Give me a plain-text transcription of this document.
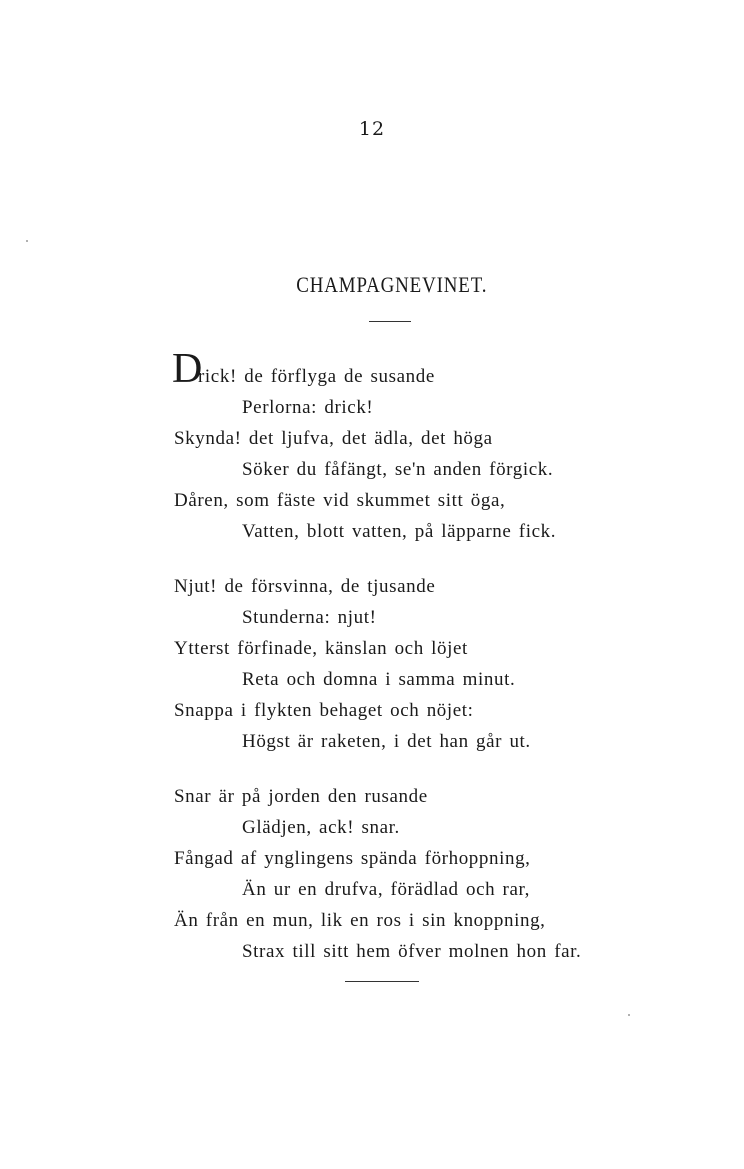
12
CHAMPAGNEVINET.
D
rick! de förflyga de susande
Perlorna: drick!
Skynda! det ljufva, det ädla, det höga
Söker du fåfängt, se'n anden förgick.
Dåren, som fäste vid skummet sitt öga,
Vatten, blott vatten, på läpparne fick.
Njut! de försvinna, de tjusande
Stunderna: njut!
Ytterst förfinade, känslan och löjet
Reta och domna i samma minut.
Snappa i flykten behaget och nöjet:
Högst är raketen, i det han går ut.
Snar är på jorden den rusande
Glädjen, ack! snar.
Fångad af ynglingens spända förhoppning,
Än ur en drufva, förädlad och rar,
Än från en mun, lik en ros i sin knoppning,
Strax till sitt hem öfver molnen hon far.
